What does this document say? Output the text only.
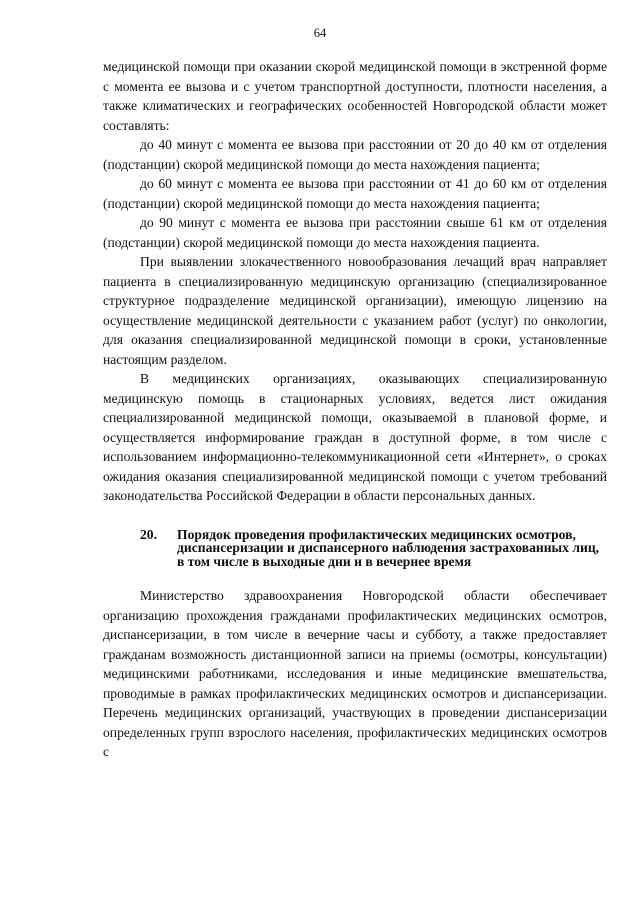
64

медицинской помощи при оказании скорой медицинской помощи в экстренной форме с момента ее вызова и с учетом транспортной доступности, плотности населения, а также климатических и географических особенностей Новгородской области может составлять:

до 40 минут с момента ее вызова при расстоянии от 20 до 40 км от отделения (подстанции) скорой медицинской помощи до места нахождения пациента;

до 60 минут с момента ее вызова при расстоянии от 41 до 60 км от отделения (подстанции) скорой медицинской помощи до места нахождения пациента;

до 90 минут с момента ее вызова при расстоянии свыше 61 км от отделения (подстанции) скорой медицинской помощи до места нахождения пациента.

При выявлении злокачественного новообразования лечащий врач направляет пациента в специализированную медицинскую организацию (специализированное структурное подразделение медицинской организации), имеющую лицензию на осуществление медицинской деятельности с указанием работ (услуг) по онкологии, для оказания специализированной медицинской помощи в сроки, установленные настоящим разделом.

В медицинских организациях, оказывающих специализированную медицинскую помощь в стационарных условиях, ведется лист ожидания специализированной медицинской помощи, оказываемой в плановой форме, и осуществляется информирование граждан в доступной форме, в том числе с использованием информационно-телекоммуникационной сети «Интернет», о сроках ожидания оказания специализированной медицинской помощи с учетом требований законодательства Российской Федерации в области персональных данных.

20.	Порядок проведения профилактических медицинских осмотров, диспансеризации и диспансерного наблюдения застрахованных лиц, в том числе в выходные дни и в вечернее время

Министерство здравоохранения Новгородской области обеспечивает организацию прохождения гражданами профилактических медицинских осмотров, диспансеризации, в том числе в вечерние часы и субботу, а также предоставляет гражданам возможность дистанционной записи на приемы (осмотры, консультации) медицинскими работниками, исследования и иные медицинские вмешательства, проводимые в рамках профилактических медицинских осмотров и диспансеризации. Перечень медицинских организаций, участвующих в проведении диспансеризации определенных групп взрослого населения, профилактических медицинских осмотров с
